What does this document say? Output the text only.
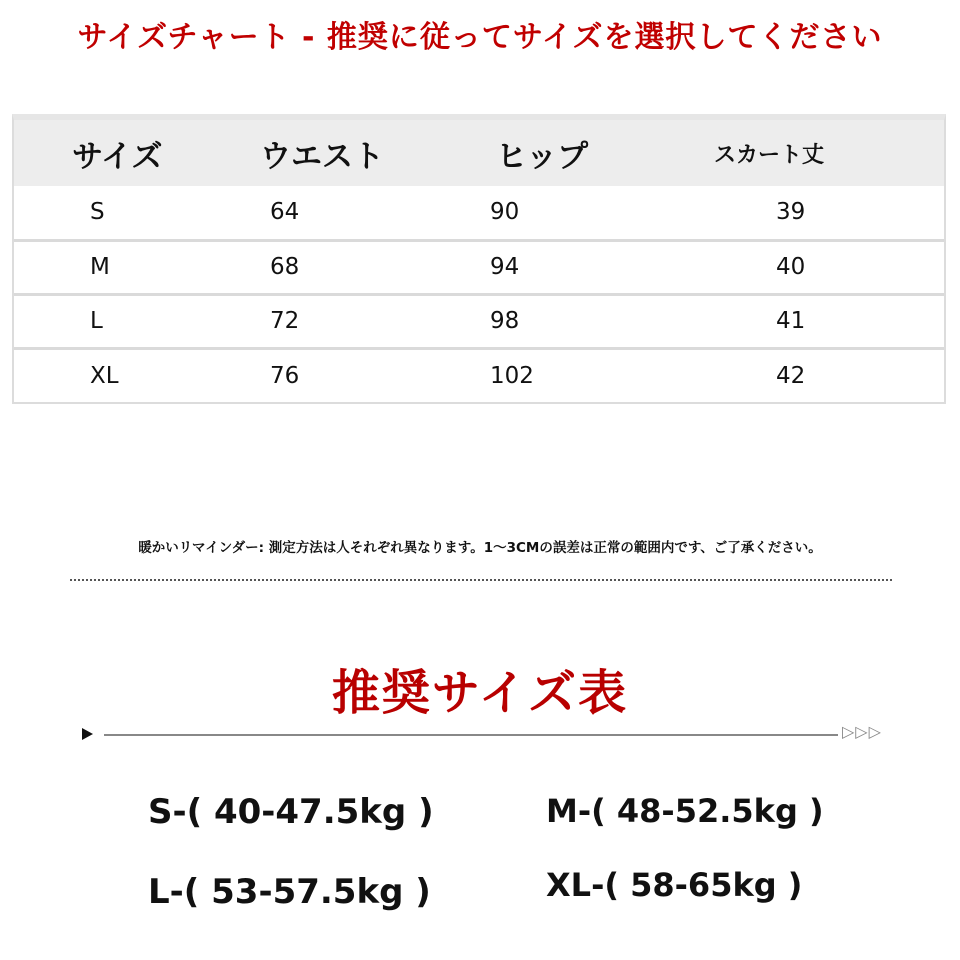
サイズチャート - 推奨に従ってサイズを選択してください
サイズ	ウエスト	ヒップ	スカート丈
S	64	90	39
M	68	94	40
L	72	98	41
XL	76	102	42
暖かいリマインダー: 測定方法は人それぞれ異なります。1～3CMの誤差は正常の範囲内です、ご了承ください。
推奨サイズ表
▷▷▷
S-( 40-47.5kg )	M-( 48-52.5kg )
L-( 53-57.5kg )	XL-( 58-65kg )
